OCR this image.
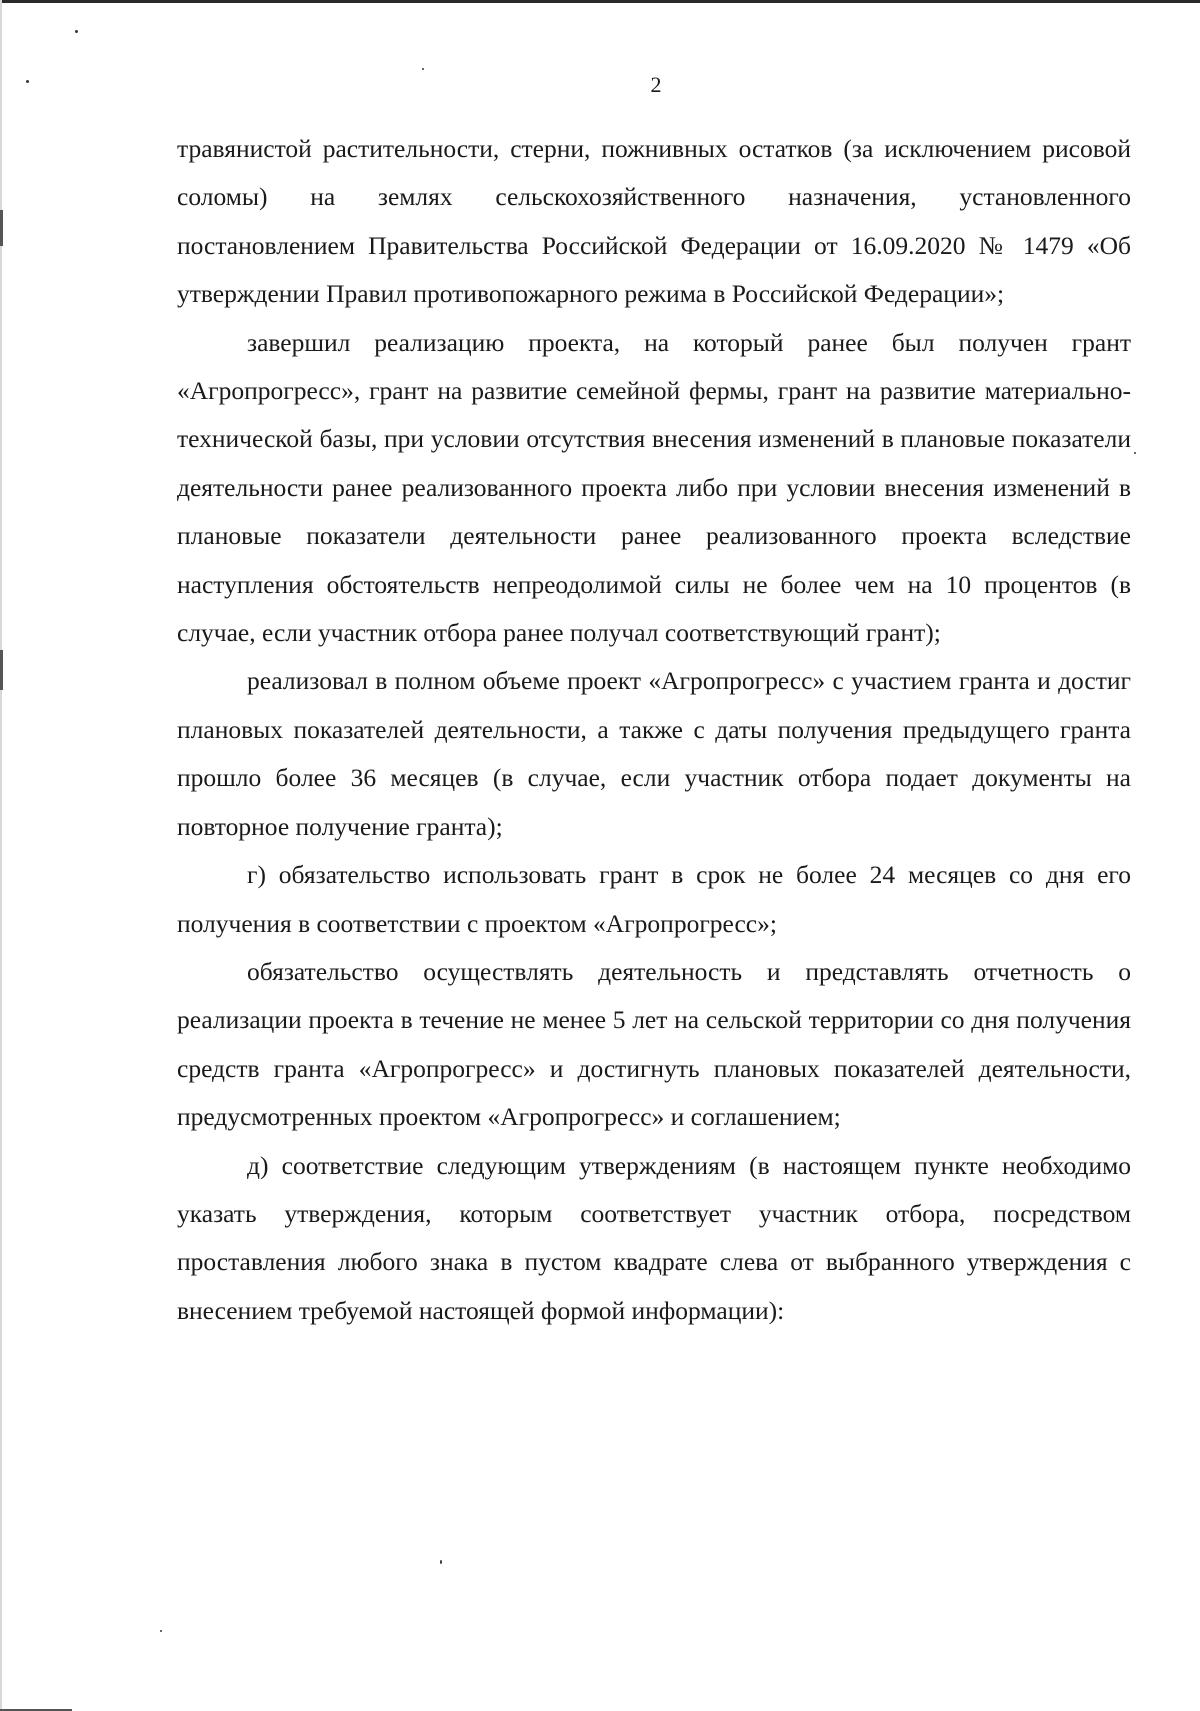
2

травянистой растительности, стерни, пожнивных остатков (за исключением рисовой соломы) на землях сельскохозяйственного назначения, установленного постановлением Правительства Российской Федерации от 16.09.2020 № 1479 «Об утверждении Правил противопожарного режима в Российской Федерации»;

завершил реализацию проекта, на который ранее был получен грант «Агропрогресс», грант на развитие семейной фермы, грант на развитие материально-технической базы, при условии отсутствия внесения изменений в плановые показатели деятельности ранее реализованного проекта либо при условии внесения изменений в плановые показатели деятельности ранее реализованного проекта вследствие наступления обстоятельств непреодолимой силы не более чем на 10 процентов (в случае, если участник отбора ранее получал соответствующий грант);

реализовал в полном объеме проект «Агропрогресс» с участием гранта и достиг плановых показателей деятельности, а также с даты получения предыдущего гранта прошло более 36 месяцев (в случае, если участник отбора подает документы на повторное получение гранта);

г) обязательство использовать грант в срок не более 24 месяцев со дня его получения в соответствии с проектом «Агропрогресс»;

обязательство осуществлять деятельность и представлять отчетность о реализации проекта в течение не менее 5 лет на сельской территории со дня получения средств гранта «Агропрогресс» и достигнуть плановых показателей деятельности, предусмотренных проектом «Агропрогресс» и соглашением;

д) соответствие следующим утверждениям (в настоящем пункте необходимо указать утверждения, которым соответствует участник отбора, посредством проставления любого знака в пустом квадрате слева от выбранного утверждения с внесением требуемой настоящей формой информации):
